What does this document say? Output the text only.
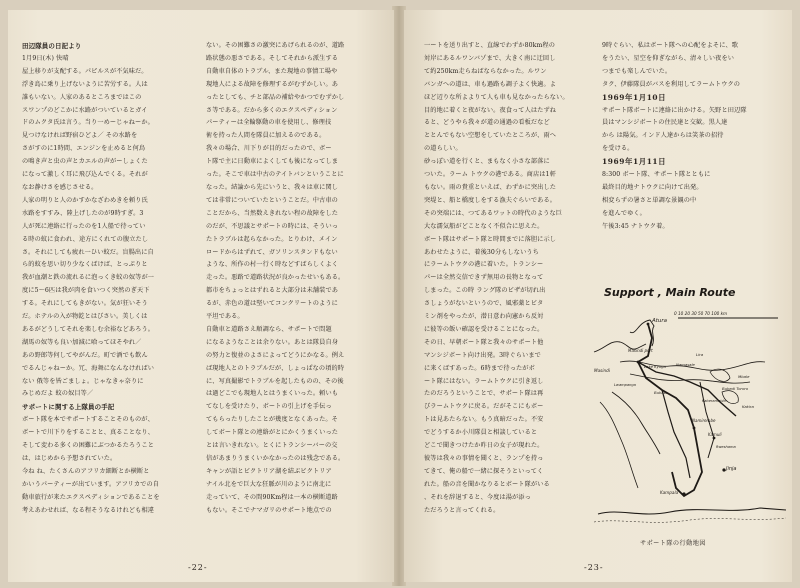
田辺隊員の日記より
1月9日(木) 快晴
屋上移りが支配する。パピルスが不気味だ。
浮き島に乗り上げないように苦労する。人は
誰もいない。人家のあるところまではこの
スワンプのどこかに水路がついているとガイ
ドのムクタ氏は言う。当り一めーじゃねーか。
見つけなければ野宿ひどよ／ その水路を
さがすのに1時間、エンジンを止めると何鳥
の鳴き声と虫の声とカエルの声がーしょくた
になって激しく耳に飛び込んでくる。それが
なお静けさを感じさせる。
人家の明りと人のかすかなざわめきを頼り氏
水路をすすみ、陸上げしたのが9時すぎ。3
人が死に連絡に行ったのを1人船で待ってい
る時の蚊に食われ、途方にくれての腹立たし
さ。それにしても疲れ一ひい蚊だ。盲腸出に自
ら的蚊を思い切り少なくばけば、とっぷりと
我が血潮と鉄の流れるに泡っくき蚊の奴等が一
度に5〜6匹は我が肉を食いつく突然のぎ天下
する。それにしてもきがない。気が狂いそう
だ。ホテルの入が物乾とはびさい。美しくは
あるがどうしてそれを楽しむ余裕などあろう。
湖馬の奴等も良い加減に喰ってほそやれ／
あの野郎等何してやがんだ。町で酒でも飲ん
でるんじゃねーか。冗、海舞になんなければい
ない 俄等を皆ごましょ。じゃなきゃ奈りに
みじめだよ 蚊の奴目等／
サポートに関する上隊員の手記
ボート隊を本でサポートすることそのものが、
ボートで川下りをすることと、真ることなり、
そして変わる多くの困難にぶつかるたろうこと
は、はじめから予想されていた。
今ね ね、たくさんのアフリカ細断とか横断と
かいうパーティーが出ています。アフリカでの自
動車旅行が来たエクスペディションであることを
考えあわせれば、なる程そうなるけれども相違
ない。その困難さの激突にあげられるのが、道路
路状態の悪さである。そしてそれから派生する
自動車自体のトラブル、また現地の事情工場や
現地人による故障を修理するがむずかしい。あ
ったとしても、チと部品の補給やかつでむずかし
さ等である。だから多くのエクスペディション
パーティーは全輪駆動の車を使用し、修理技
術を持った人間を隊員に加えるのである。
我々の場合、川下りが目的だったので、ボー
ト隊で主に日動車によくしても後になってしま
った。そこで車は中古のテイトバンということに
なった。結論から先にいうと、我々は車に関し
ては非常についていたということだ。中古車の
ことだから、当然数えきれない程の故障をした
のだが、不思議とサポートの時には、そういっ
たトラブルは起らなかった。とりわけ、メイン
ロードからはずれて、ガソリンスタンドもない
ような、所作の村一行く時などすばらしくよく
走った。悪路で道路状況が良かったせいもある。
都市をちょっとはずれると大部分は未舗装であ
るが、赤色の道は堅いてコンクリートのように
平坦である。
自動車と道路さえ順調なら、サポートで問題
になるようなことは余りない。あとは隊員自身
の努力と復並のよさによってどうにかなる。例え
ば現地人とのトラブルだが、しょっぱなの頃的時
に、写真撮影でトラブルを起したものの、その後
は過どこでも現地人とはうまくいった。頼いも
てなしを受けたり、ボートの引上げを手伝っ
てもらったりしたことが幾度となくあった。そ
してボート隊との連絡がとにかくうまくいった
とは言いきれない。とくにトランシーバーの交
信があまりうまくいかなかったのは残念である。
キャンが語とビクトリア湖を結ぶビクトリア
ナイル北をで巨大な狂脈が川のように南北に
走っていて、その間90Km程は一本の横断道路
もない。そこでナマガリのサポート地点での
-22-
一ートを送り出すと、直線でわずか80km程の
対岸にあるルワンバゾまで、大きく南に迂回し
て約250km走らねばならなかった。ルワン
バンガへの道は、車も過路も調子よく快適。よ
ほど辺りな所よよりて人も車も見なかったらない。
目的地に着くと夜がない。夜食って人はたずね
ると、どうやら我々が道の通過の看板だなど
ととんでもない空想をしていたところが、雨へ
の道らしい。
砂っぽい道を行くと、まもなく小さな部落に
ついた。ラーム トウクの港である。商店は1軒
もない。雨の貴重といえば、わずかに突出した
突堤と、船と橋度しをする漁夫ぐらいである。
その突端には、つてあるワットの時代のような巨
大な濡気船がどことなく不似合に思えた。
ボート隊はサポート隊と時間までに落胆に示し
あわせたように、着後30分もしないうち
にラームトウクの港に着いた。トランシー
パーは全然交信できず無用の長物となって
しまった。この時 ラング隊のビザが切れ出
さしょうがないというので、風邪薬とビタ
ミン剤をやったが、潜日意わ向憲から反対
に彼等の飯い確認を受けることになった。
その日、早朝ボート隊と我々のサポート他
マンシジボート向け出発。3時ぐらいまで
に来くばすあった。6時まで待ったがボ
ート隊にはない。ラームトウクに引き返し
たのだろうということで、サポート隊は再
びラームトウクに戻る。だがそこにもボー
トは見あたらない。もう真暗だった。不安
でどうするか小川隊員と相談していると
どこで聞きつけたか昨日の女子が現れた。
彼等は我々の事情を聞くと、ランプを持っ
てきて、俺の船で一緒に探そうといってく
れた。船の音を聞かなりるとボート隊がいる
、それを辞退すると、今度は湯が添っ
ただろうと言ってくれる。
9時ぐらい、私はボート隊への心配をよそに、歌
をうたい、星空を仰ぎながら、清々しい夜をい
つまでも楽しんでいた。
タク、伊藤隊員がバスを利用してラームトウクの
1969年1月10日
サポート隊ボートに連絡に出かける。矢野と田辺隊
員はマンシジボートの住民達と交歓。黒人達
から は陽気。インド人達からは笑茶の招待
を受ける。
1969年1月11日
8:300 ボート隊、サポート隊とともに
最終目的地ナトウクに向けて出発。
相変らずの暑さと単調な景観の中
を進んでゆく。
午後3:45 ナトウク着。
Support , Main Route
0 10 20 30 50 70 100 km
Atura
Masindi port
Masindi
Lake Kyoga	Namasale
Lira
Bukedi Tororo
Bukasa
Mbale
Kakira
Namirembe
Kamuli
Jinja
Kampala
Kaberamaido
Lwampanga
Rweshama
サポート隊の行動地図
-23-
